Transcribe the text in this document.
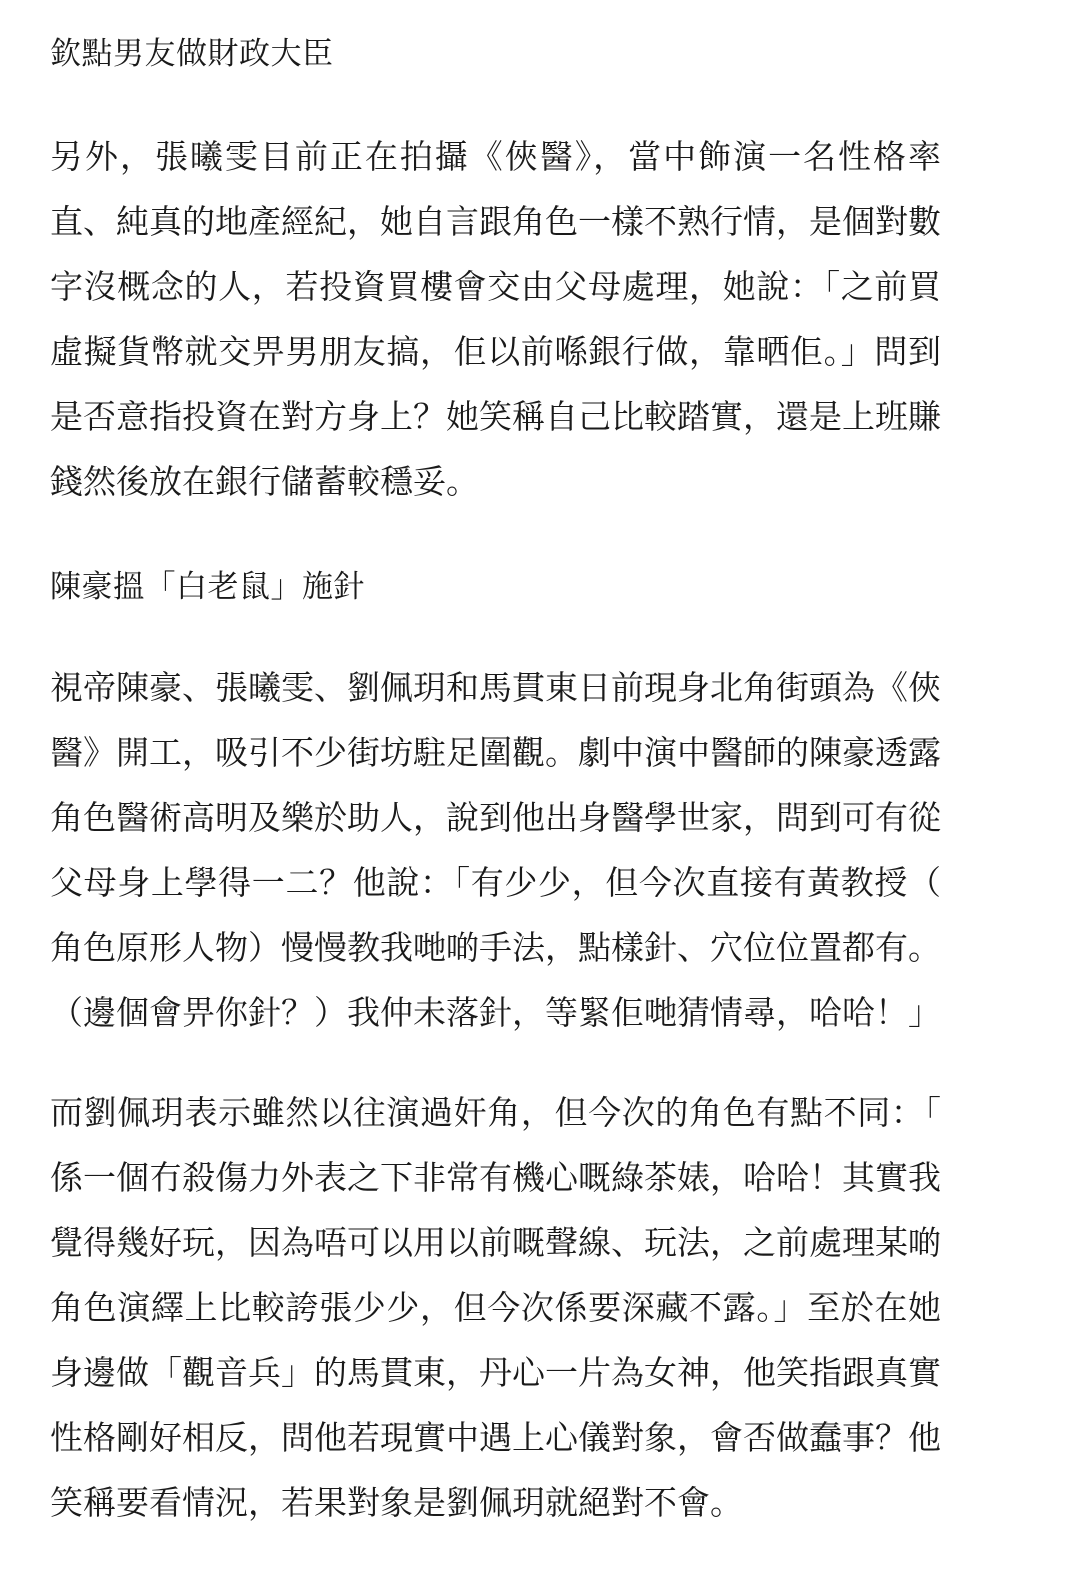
欽點男友做財政大臣
另外，張曦雯目前正在拍攝《俠醫》，當中飾演一名性格率
直、純真的地產經紀，她自言跟角色一樣不熟行情，是個對數
字沒概念的人，若投資買樓會交由父母處理，她說：「之前買
虛擬貨幣就交畀男朋友搞，佢以前喺銀行做，靠晒佢。」問到
是否意指投資在對方身上？她笑稱自己比較踏實，還是上班賺
錢然後放在銀行儲蓄較穩妥。
陳豪搵「白老鼠」施針
視帝陳豪、張曦雯、劉佩玥和馬貫東日前現身北角街頭為《俠
醫》開工，吸引不少街坊駐足圍觀。劇中演中醫師的陳豪透露
角色醫術高明及樂於助人，說到他出身醫學世家，問到可有從
父母身上學得一二？他說：「有少少，但今次直接有黃教授（
角色原形人物）慢慢教我哋啲手法，點樣針、穴位位置都有。
（邊個會畀你針？）我仲未落針，等緊佢哋猜情尋，哈哈！」
而劉佩玥表示雖然以往演過奸角，但今次的角色有點不同：「
係一個冇殺傷力外表之下非常有機心嘅綠茶婊，哈哈！其實我
覺得幾好玩，因為唔可以用以前嘅聲線、玩法，之前處理某啲
角色演繹上比較誇張少少，但今次係要深藏不露。」至於在她
身邊做「觀音兵」的馬貫東，丹心一片為女神，他笑指跟真實
性格剛好相反，問他若現實中遇上心儀對象，會否做蠢事？他
笑稱要看情況，若果對象是劉佩玥就絕對不會。
